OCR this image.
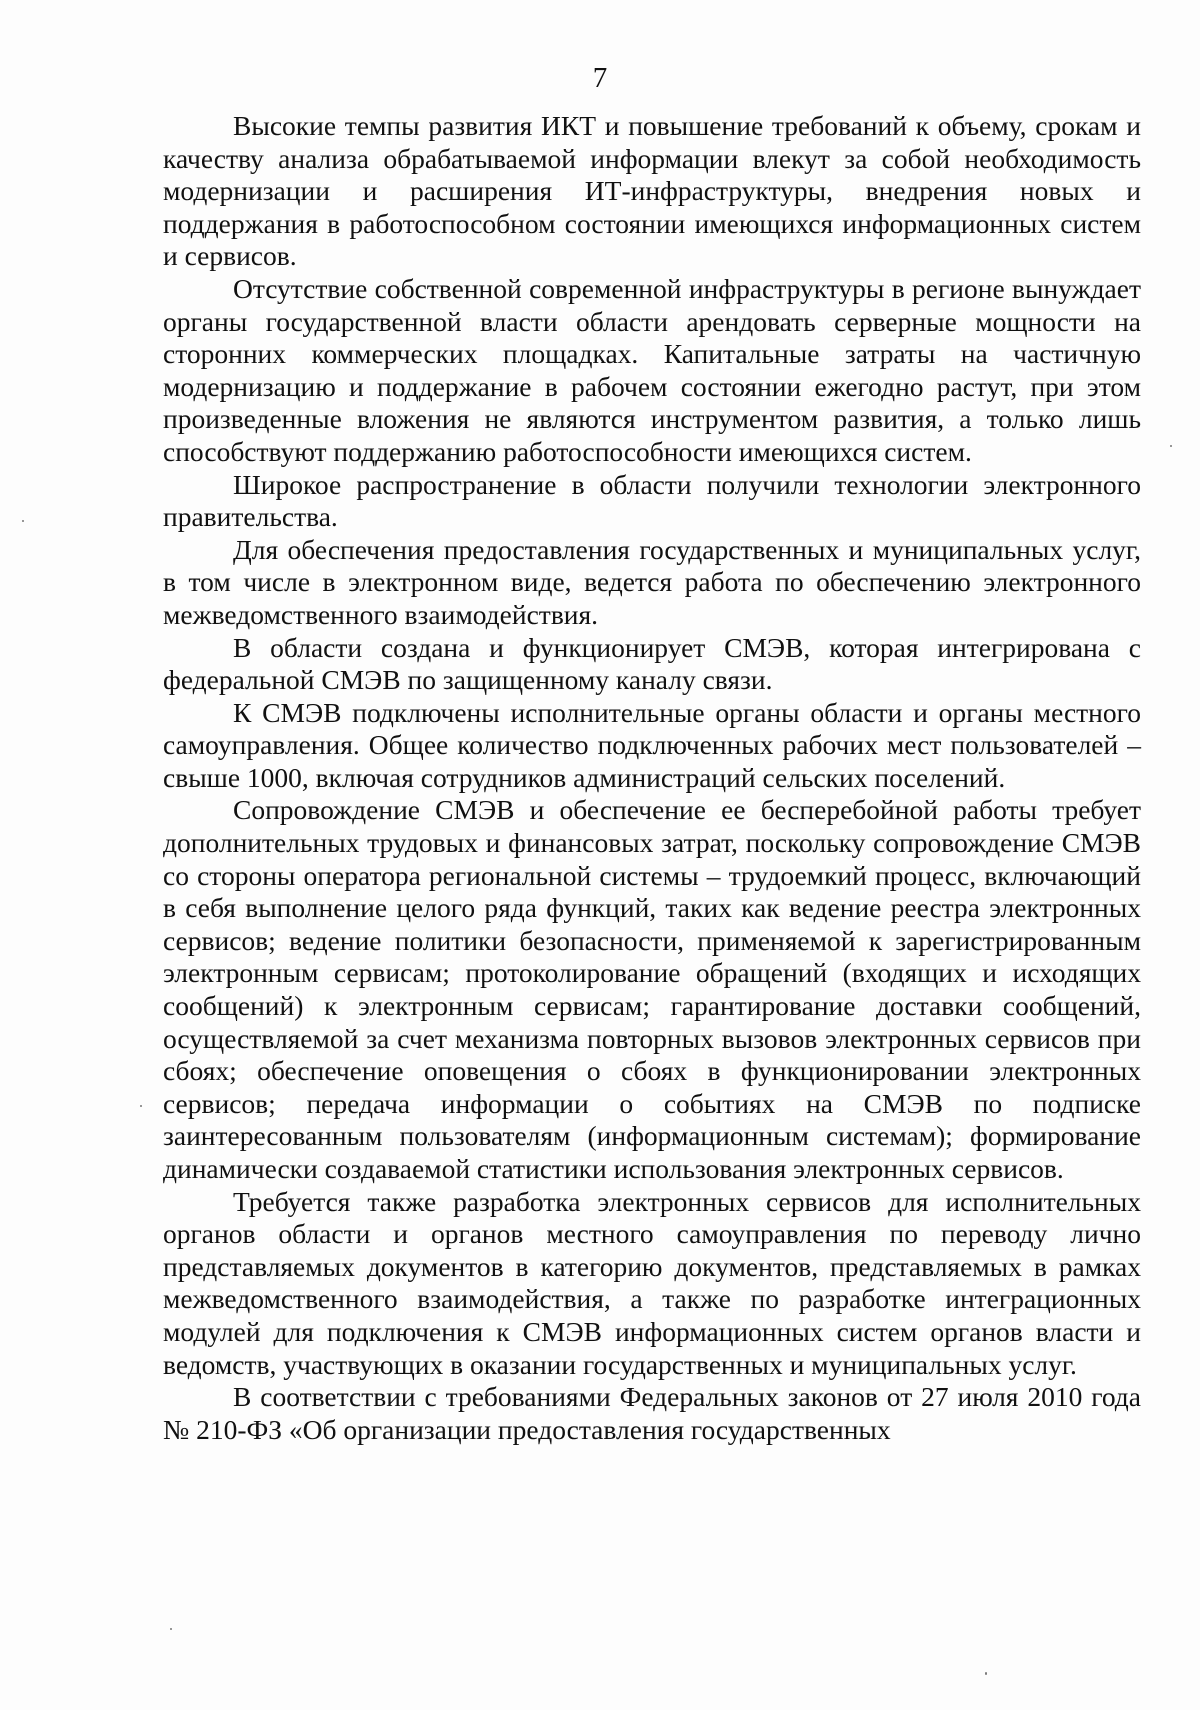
7

Высокие темпы развития ИКТ и повышение требований к объему, срокам и качеству анализа обрабатываемой информации влекут за собой необходимость модернизации и расширения ИТ-инфраструктуры, внедрения новых и поддержания в работоспособном состоянии имеющихся информационных систем и сервисов.

Отсутствие собственной современной инфраструктуры в регионе вынуждает органы государственной власти области арендовать серверные мощности на сторонних коммерческих площадках. Капитальные затраты на частичную модернизацию и поддержание в рабочем состоянии ежегодно растут, при этом произведенные вложения не являются инструментом развития, а только лишь способствуют поддержанию работоспособности имеющихся систем.

Широкое распространение в области получили технологии электронного правительства.

Для обеспечения предоставления государственных и муниципальных услуг, в том числе в электронном виде, ведется работа по обеспечению электронного межведомственного взаимодействия.

В области создана и функционирует СМЭВ, которая интегрирована с федеральной СМЭВ по защищенному каналу связи.

К СМЭВ подключены исполнительные органы области и органы местного самоуправления. Общее количество подключенных рабочих мест пользователей – свыше 1000, включая сотрудников администраций сельских поселений.

Сопровождение СМЭВ и обеспечение ее бесперебойной работы требует дополнительных трудовых и финансовых затрат, поскольку сопровождение СМЭВ со стороны оператора региональной системы – трудоемкий процесс, включающий в себя выполнение целого ряда функций, таких как ведение реестра электронных сервисов; ведение политики безопасности, применяемой к зарегистрированным электронным сервисам; протоколирование обращений (входящих и исходящих сообщений) к электронным сервисам; гарантирование доставки сообщений, осуществляемой за счет механизма повторных вызовов электронных сервисов при сбоях; обеспечение оповещения о сбоях в функционировании электронных сервисов; передача информации о событиях на СМЭВ по подписке заинтересованным пользователям (информационным системам); формирование динамически создаваемой статистики использования электронных сервисов.

Требуется также разработка электронных сервисов для исполнительных органов области и органов местного самоуправления по переводу лично представляемых документов в категорию документов, представляемых в рамках межведомственного взаимодействия, а также по разработке интеграционных модулей для подключения к СМЭВ информационных систем органов власти и ведомств, участвующих в оказании государственных и муниципальных услуг.

В соответствии с требованиями Федеральных законов от 27 июля 2010 года № 210-ФЗ «Об организации предоставления государственных
